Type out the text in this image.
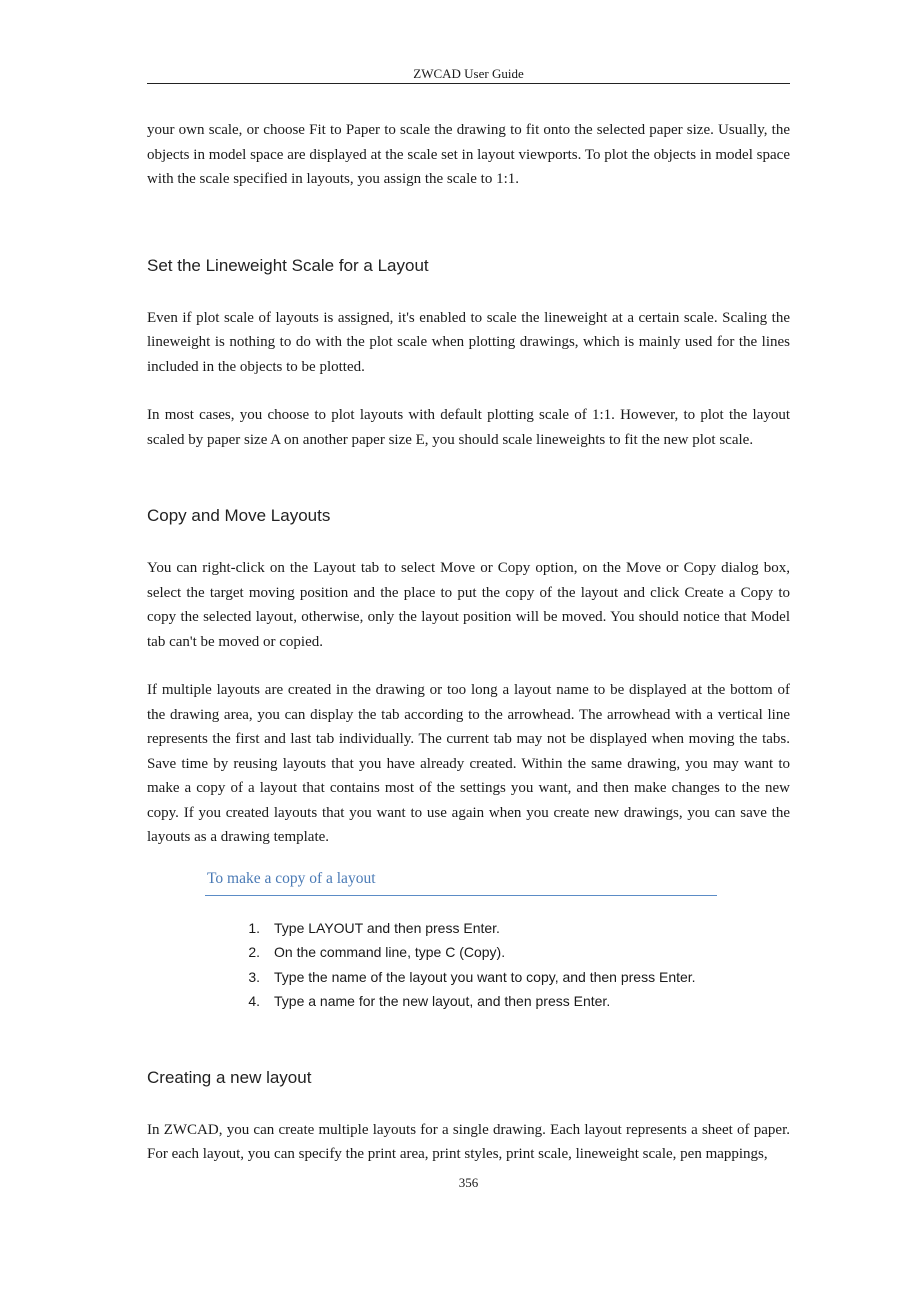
ZWCAD User Guide

your own scale, or choose Fit to Paper to scale the drawing to fit onto the selected paper size. Usually, the objects in model space are displayed at the scale set in layout viewports. To plot the objects in model space with the scale specified in layouts, you assign the scale to 1:1.

Set the Lineweight Scale for a Layout

Even if plot scale of layouts is assigned, it's enabled to scale the lineweight at a certain scale. Scaling the lineweight is nothing to do with the plot scale when plotting drawings, which is mainly used for the lines included in the objects to be plotted.

In most cases, you choose to plot layouts with default plotting scale of 1:1. However, to plot the layout scaled by paper size A on another paper size E, you should scale lineweights to fit the new plot scale.

Copy and Move Layouts

You can right-click on the Layout tab to select Move or Copy option, on the Move or Copy dialog box, select the target moving position and the place to put the copy of the layout and click Create a Copy to copy the selected layout, otherwise, only the layout position will be moved. You should notice that Model tab can't be moved or copied.

If multiple layouts are created in the drawing or too long a layout name to be displayed at the bottom of the drawing area, you can display the tab according to the arrowhead. The arrowhead with a vertical line represents the first and last tab individually. The current tab may not be displayed when moving the tabs. Save time by reusing layouts that you have already created. Within the same drawing, you may want to make a copy of a layout that contains most of the settings you want, and then make changes to the new copy. If you created layouts that you want to use again when you create new drawings, you can save the layouts as a drawing template.

To make a copy of a layout
1.	Type LAYOUT and then press Enter.
2.	On the command line, type C (Copy).
3.	Type the name of the layout you want to copy, and then press Enter.
4.	Type a name for the new layout, and then press Enter.
Creating a new layout

In ZWCAD, you can create multiple layouts for a single drawing. Each layout represents a sheet of paper. For each layout, you can specify the print area, print styles, print scale, lineweight scale, pen mappings,

356
